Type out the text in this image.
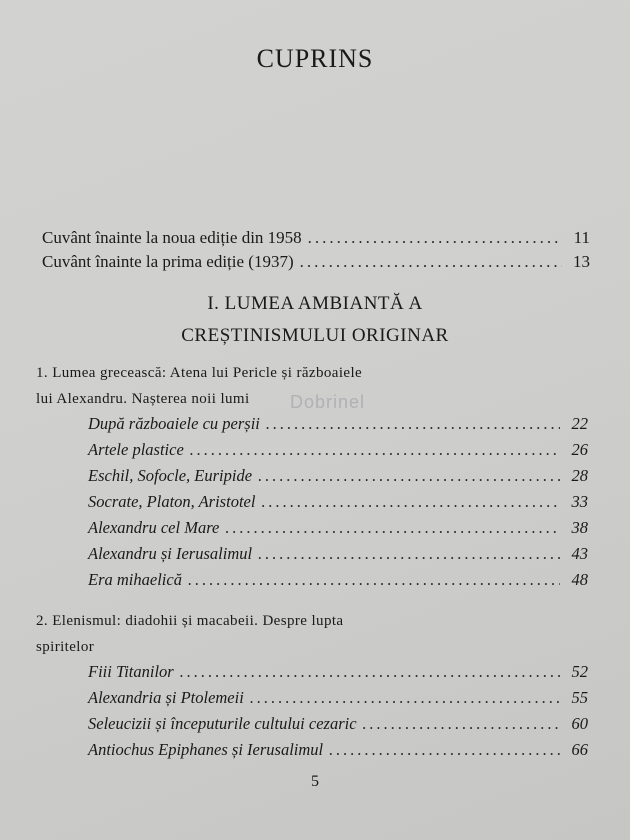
CUPRINS
Cuvânt înainte la noua ediție din 1958 .....	11
Cuvânt înainte la prima ediție (1937) .....	13
I. LUMEA AMBIANTĂ A
CREȘTINISMULUI ORIGINAR
1. Lumea grecească: Atena lui Pericle și războaiele
lui Alexandru. Nașterea noii lumi
După războaiele cu perșii .....	22
Artele plastice .....	26
Eschil, Sofocle, Euripide .....	28
Socrate, Platon, Aristotel .....	33
Alexandru cel Mare .....	38
Alexandru și Ierusalimul .....	43
Era mihaelică .....	48
2. Elenismul: diadohii și macabeii. Despre lupta
spiritelor
Fiii Titanilor .....	52
Alexandria și Ptolemeii .....	55
Seleucizii și începuturile cultului cezaric .....	60
Antiochus Epiphanes și Ierusalimul .....	66
Dobrinel
5
